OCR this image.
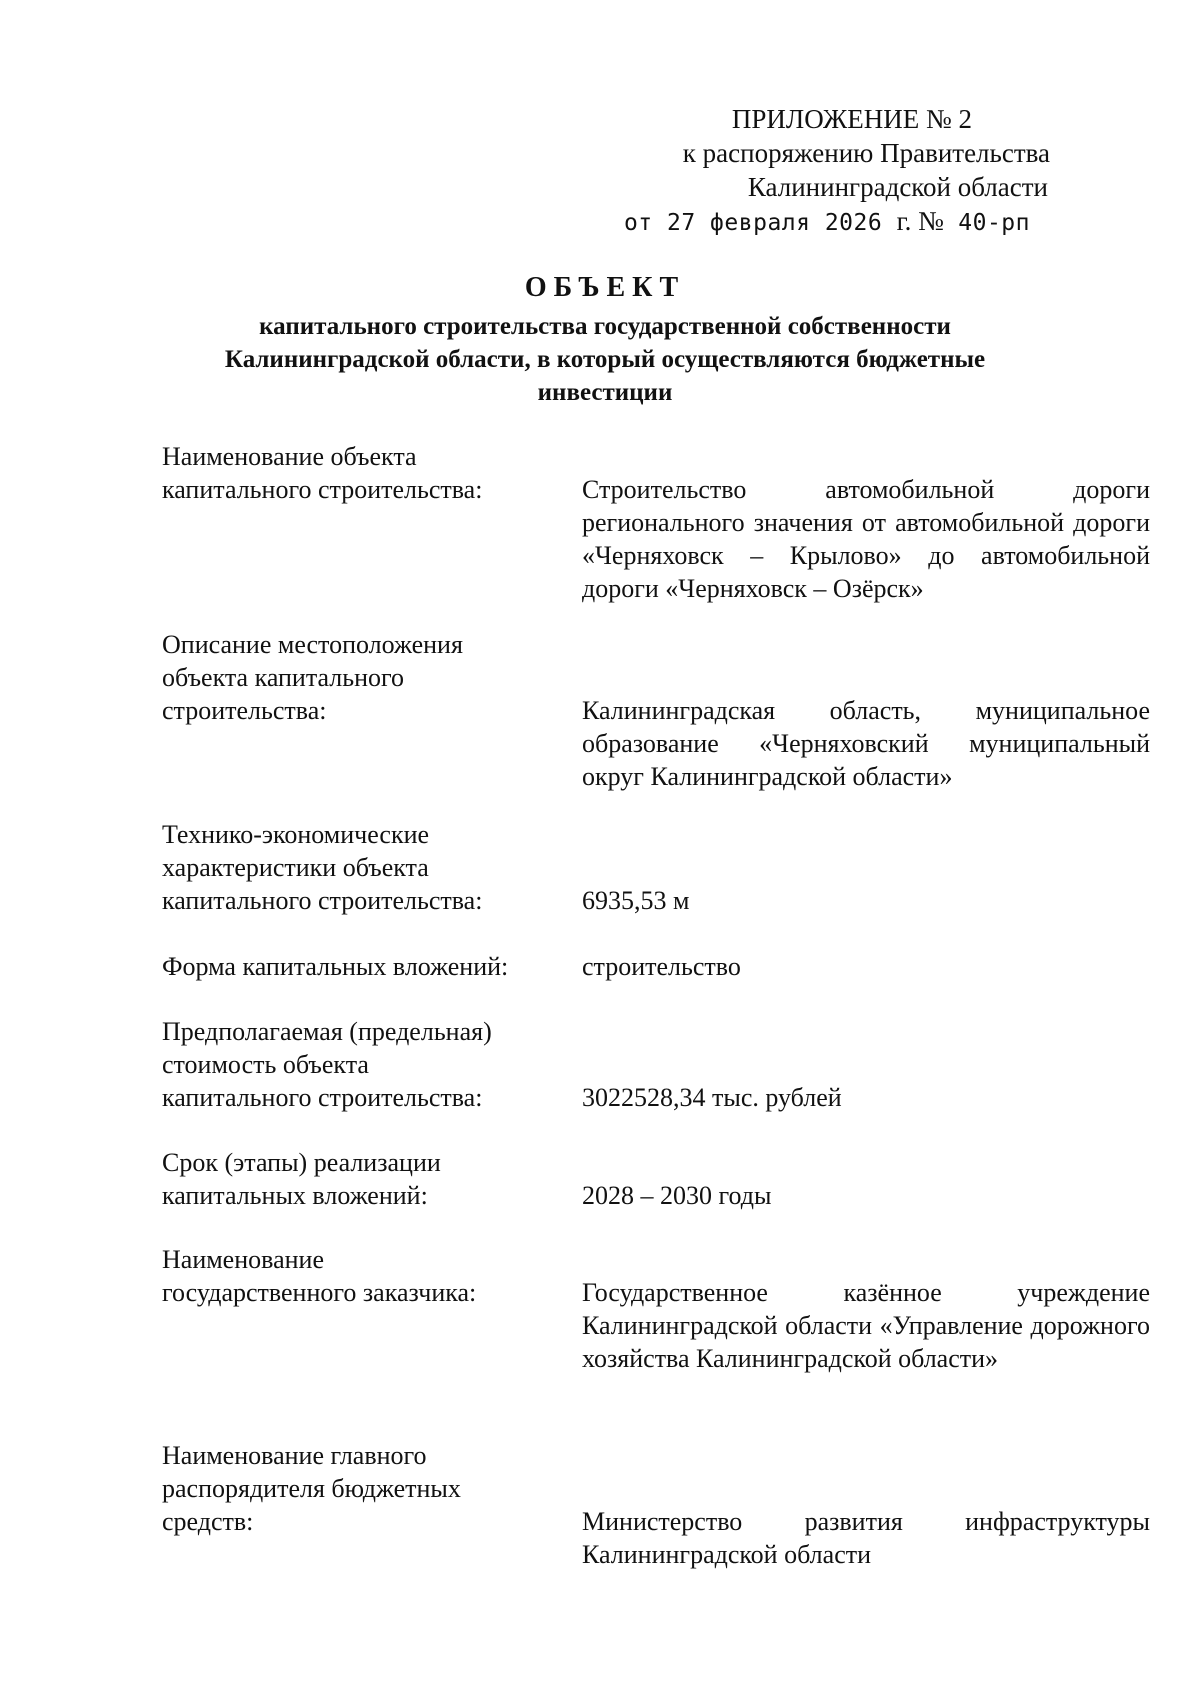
ПРИЛОЖЕНИЕ № 2
к распоряжению Правительства
Калининградской области
от 27 февраля 2026 г. № 40-рп
ОБЪЕКТ
капитального строительства государственной собственности
Калининградской области, в который осуществляются бюджетные
инвестиции
Наименование объекта
капитального строительства:	Строительство автомобильной дороги регионального значения от автомобильной дороги «Черняховск – Крылово» до автомобильной дороги «Черняховск – Озёрск»
Описание местоположения
объекта капитального
строительства:	Калининградская область, муниципальное образование «Черняховский муниципальный округ Калининградской области»
Технико-экономические
характеристики объекта
капитального строительства:	6935,53 м
Форма капитальных вложений:	строительство
Предполагаемая (предельная)
стоимость объекта
капитального строительства:	3022528,34 тыс. рублей
Срок (этапы) реализации
капитальных вложений:	2028 – 2030 годы
Наименование
государственного заказчика:	Государственное казённое учреждение Калининградской области «Управление дорожного хозяйства Калининградской области»
Наименование главного
распорядителя бюджетных
средств:	Министерство развития инфраструктуры Калининградской области
